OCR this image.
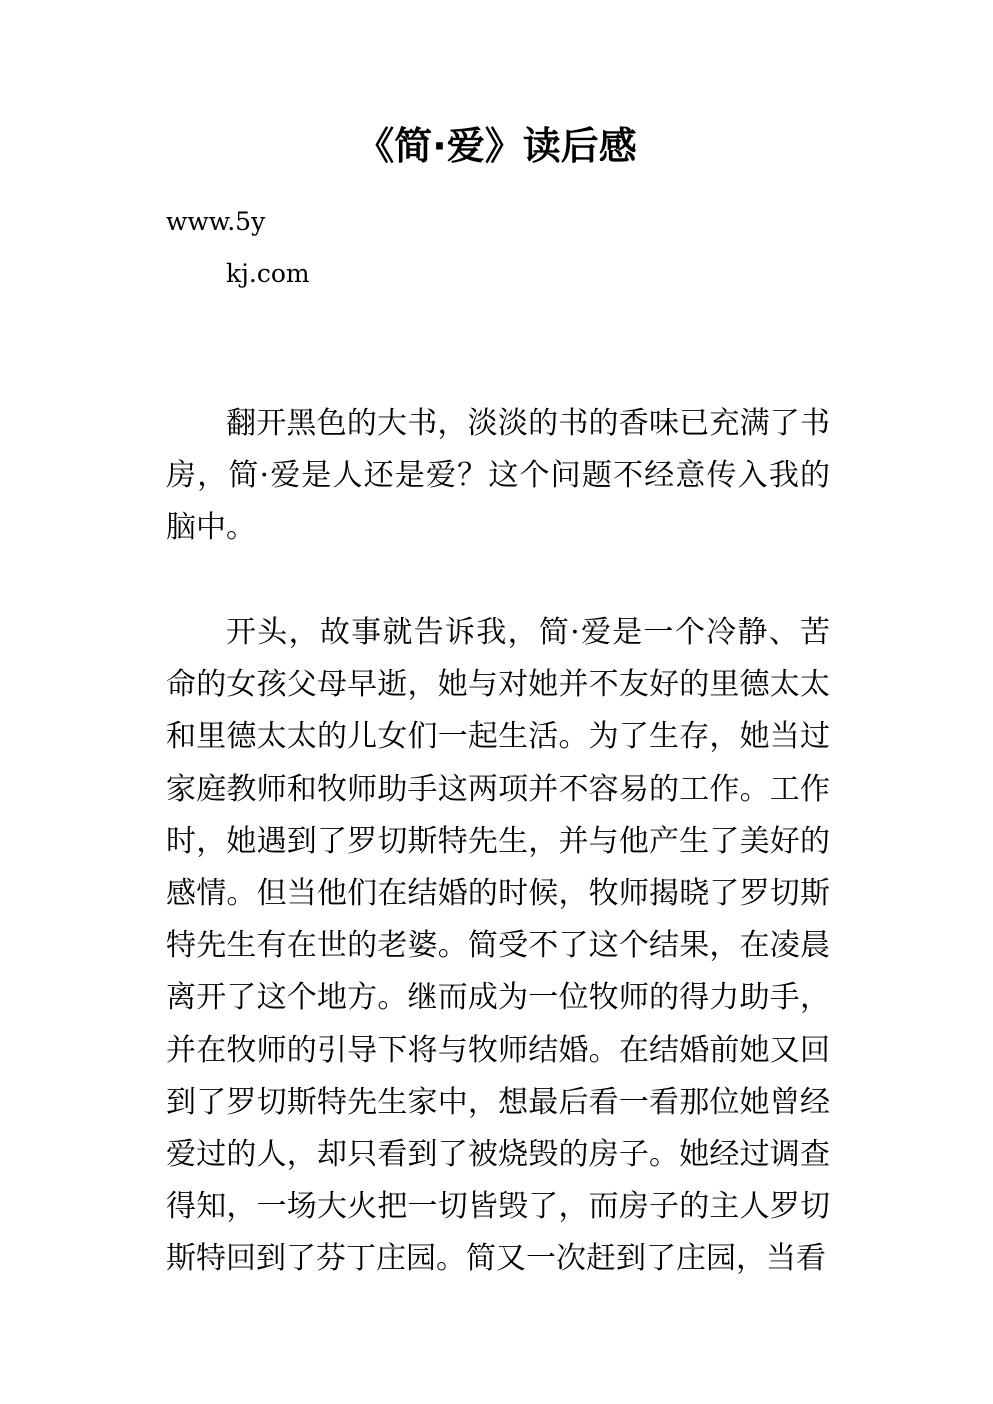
《简·爱》读后感
www.5y
kj.com

翻开黑色的大书，淡淡的书的香味已充满了书房，简·爱是人还是爱？这个问题不经意传入我的脑中。

开头，故事就告诉我，简·爱是一个冷静、苦命的女孩父母早逝，她与对她并不友好的里德太太和里德太太的儿女们一起生活。为了生存，她当过家庭教师和牧师助手这两项并不容易的工作。工作时，她遇到了罗切斯特先生，并与他产生了美好的感情。但当他们在结婚的时候，牧师揭晓了罗切斯特先生有在世的老婆。简受不了这个结果，在凌晨离开了这个地方。继而成为一位牧师的得力助手，并在牧师的引导下将与牧师结婚。在结婚前她又回到了罗切斯特先生家中，想最后看一看那位她曾经爱过的人，却只看到了被烧毁的房子。她经过调查得知，一场大火把一切皆毁了，而房子的主人罗切斯特回到了芬丁庄园。简又一次赶到了庄园，当看
